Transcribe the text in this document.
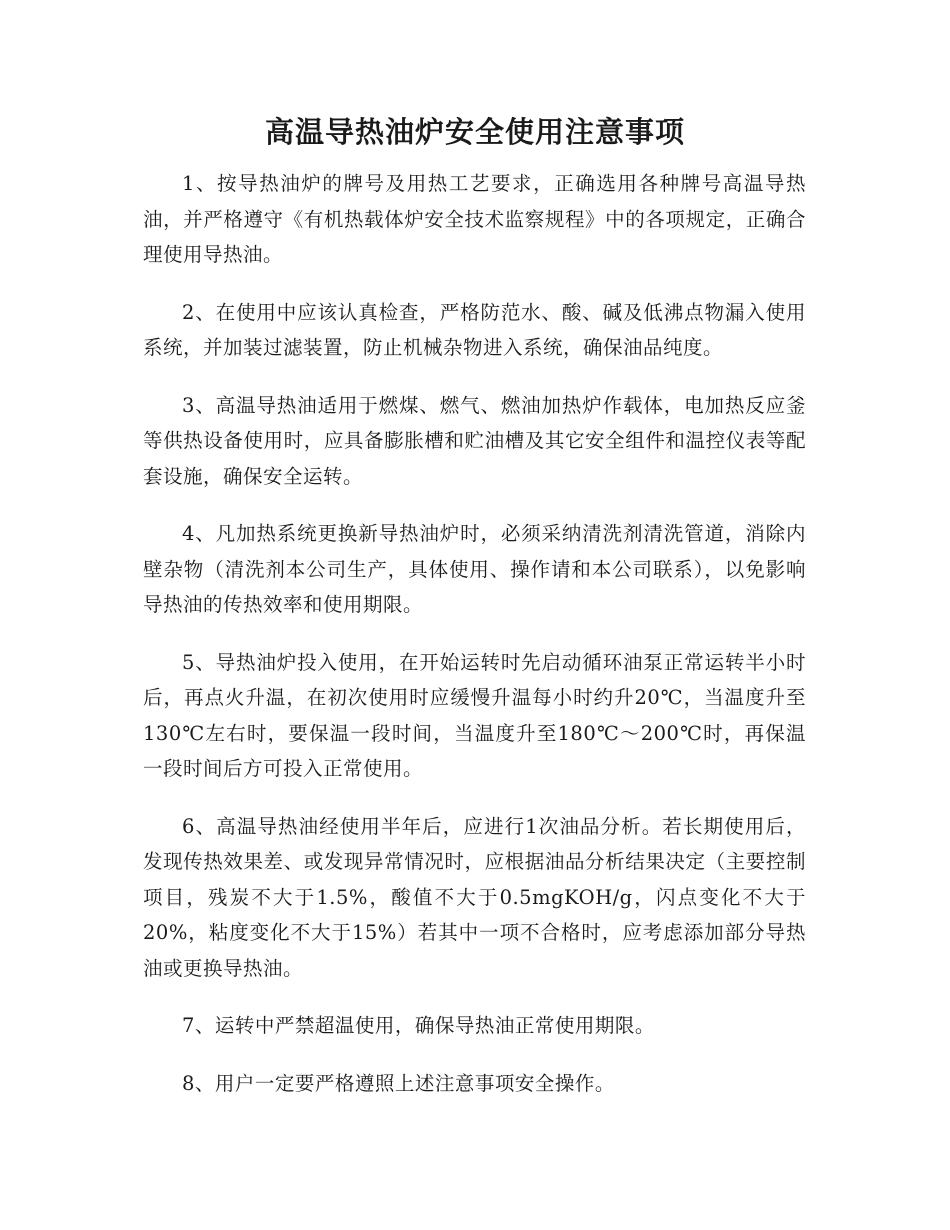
高温导热油炉安全使用注意事项

1、按导热油炉的牌号及用热工艺要求，正确选用各种牌号高温导热油，并严格遵守《有机热载体炉安全技术监察规程》中的各项规定，正确合理使用导热油。

2、在使用中应该认真检查，严格防范水、酸、碱及低沸点物漏入使用系统，并加装过滤装置，防止机械杂物进入系统，确保油品纯度。

3、高温导热油适用于燃煤、燃气、燃油加热炉作载体，电加热反应釜等供热设备使用时，应具备膨胀槽和贮油槽及其它安全组件和温控仪表等配套设施，确保安全运转。

4、凡加热系统更换新导热油炉时，必须采纳清洗剂清洗管道，消除内壁杂物（清洗剂本公司生产，具体使用、操作请和本公司联系），以免影响导热油的传热效率和使用期限。

5、导热油炉投入使用，在开始运转时先启动循环油泵正常运转半小时后，再点火升温，在初次使用时应缓慢升温每小时约升20℃，当温度升至130℃左右时，要保温一段时间，当温度升至180℃～200℃时，再保温一段时间后方可投入正常使用。

6、高温导热油经使用半年后，应进行1次油品分析。若长期使用后，发现传热效果差、或发现异常情况时，应根据油品分析结果决定（主要控制项目，残炭不大于1.5%，酸值不大于0.5mgKOH/g，闪点变化不大于20%，粘度变化不大于15%）若其中一项不合格时，应考虑添加部分导热油或更换导热油。

7、运转中严禁超温使用，确保导热油正常使用期限。

8、用户一定要严格遵照上述注意事项安全操作。
